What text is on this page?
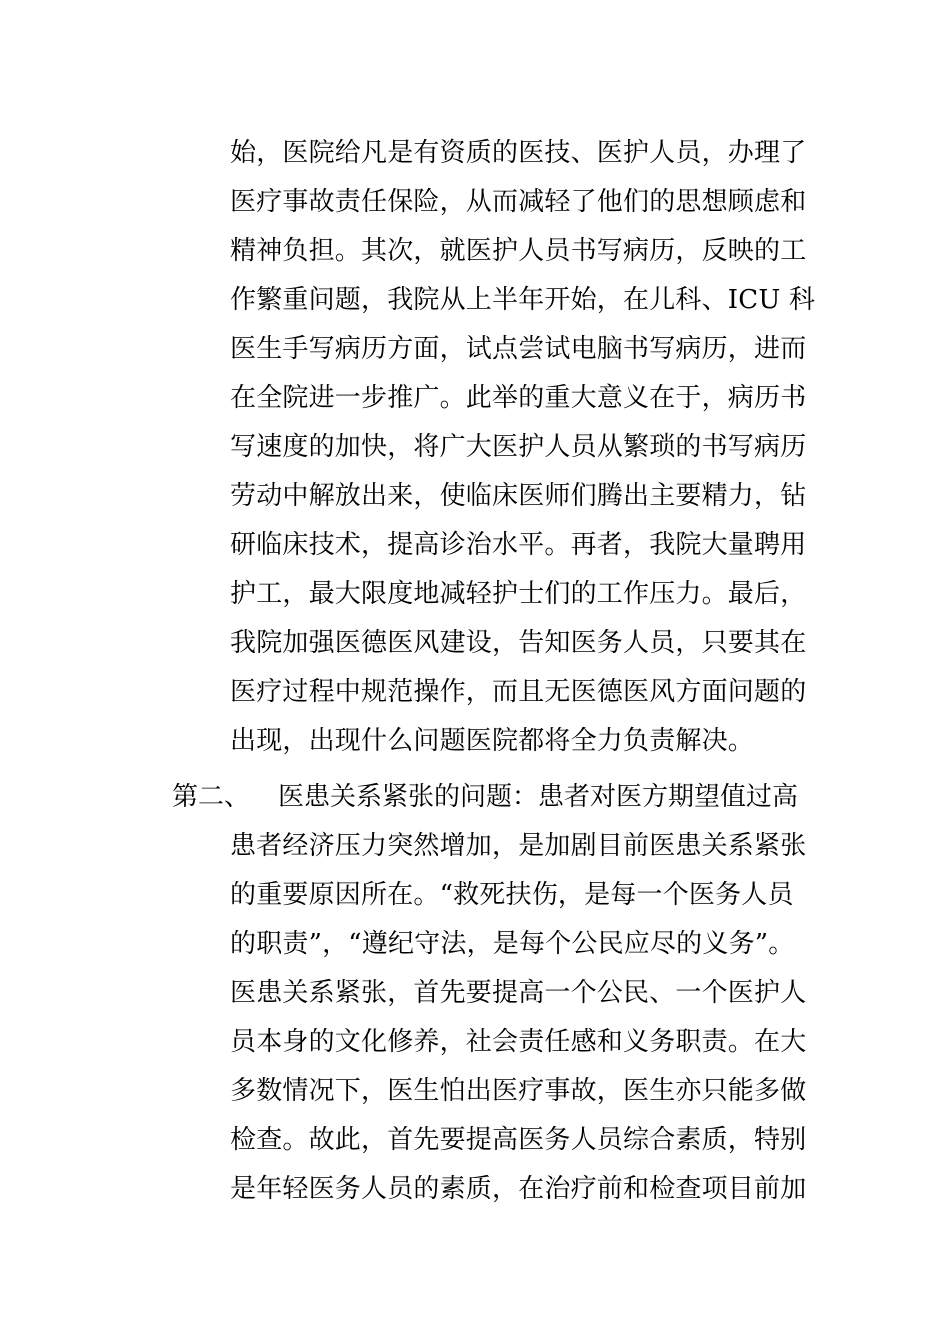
始，医院给凡是有资质的医技、医护人员，办理了
医疗事故责任保险，从而减轻了他们的思想顾虑和
精神负担。其次，就医护人员书写病历，反映的工
作繁重问题，我院从上半年开始，在儿科、ICU 科
医生手写病历方面，试点尝试电脑书写病历，进而
在全院进一步推广。此举的重大意义在于，病历书
写速度的加快，将广大医护人员从繁琐的书写病历
劳动中解放出来，使临床医师们腾出主要精力，钻
研临床技术，提高诊治水平。再者，我院大量聘用
护工，最大限度地减轻护士们的工作压力。最后，
我院加强医德医风建设，告知医务人员，只要其在
医疗过程中规范操作，而且无医德医风方面问题的
出现，出现什么问题医院都将全力负责解决。
第二、 医患关系紧张的问题：患者对医方期望值过高
患者经济压力突然增加，是加剧目前医患关系紧张
的重要原因所在。“救死扶伤，是每一个医务人员
的职责”，“遵纪守法，是每个公民应尽的义务”。
医患关系紧张，首先要提高一个公民、一个医护人
员本身的文化修养，社会责任感和义务职责。在大
多数情况下，医生怕出医疗事故，医生亦只能多做
检查。故此，首先要提高医务人员综合素质，特别
是年轻医务人员的素质，在治疗前和检查项目前加
